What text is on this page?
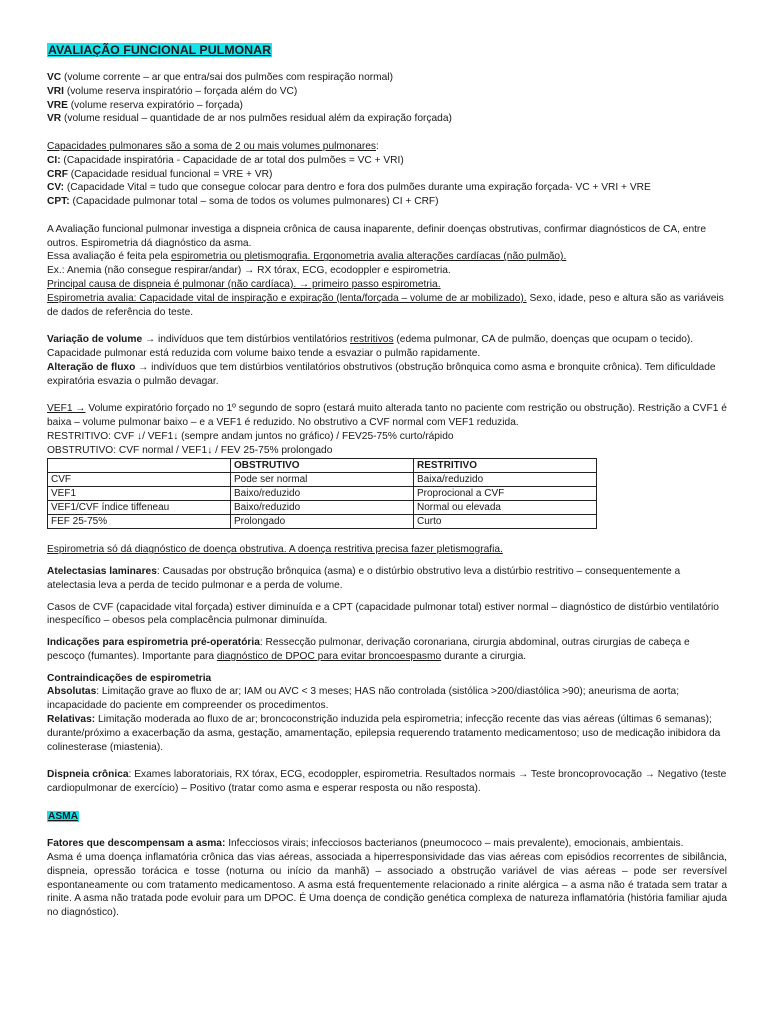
AVALIAÇÃO FUNCIONAL PULMONAR

VC (volume corrente – ar que entra/sai dos pulmões com respiração normal)

VRI (volume reserva inspiratório – forçada além do VC)

VRE (volume reserva expiratório – forçada)

VR (volume residual – quantidade de ar nos pulmões residual além da expiração forçada)

Capacidades pulmonares são a soma de 2 ou mais volumes pulmonares:

CI: (Capacidade inspiratória - Capacidade de ar total dos pulmões = VC + VRI)

CRF (Capacidade residual funcional = VRE + VR)

CV: (Capacidade Vital = tudo que consegue colocar para dentro e fora dos pulmões durante uma expiração forçada- VC + VRI + VRE

CPT: (Capacidade pulmonar total – soma de todos os volumes pulmonares) CI + CRF)

A Avaliação funcional pulmonar investiga a dispneia crônica de causa inaparente, definir doenças obstrutivas, confirmar diagnósticos de CA, entre outros. Espirometria dá diagnóstico da asma.

Essa avaliação é feita pela espirometria ou pletismografia. Ergonometria avalia alterações cardíacas (não pulmão).

Ex.: Anemia (não consegue respirar/andar) → RX tórax, ECG, ecodoppler e espirometria.

Principal causa de dispneia é pulmonar (não cardíaca). → primeiro passo espirometria.

Espirometria avalia: Capacidade vital de inspiração e expiração (lenta/forçada – volume de ar mobilizado). Sexo, idade, peso e altura são as variáveis de dados de referência do teste.

Variação de volume → indivíduos que tem distúrbios ventilatórios restritivos (edema pulmonar, CA de pulmão, doenças que ocupam o tecido). Capacidade pulmonar está reduzida com volume baixo tende a esvaziar o pulmão rapidamente.

Alteração de fluxo → indivíduos que tem distúrbios ventilatórios obstrutivos (obstrução brônquica como asma e bronquite crônica). Tem dificuldade expiratória esvazia o pulmão devagar.

VEF1 → Volume expiratório forçado no 1º segundo de sopro (estará muito alterada tanto no paciente com restrição ou obstrução). Restrição a CVF1 é baixa – volume pulmonar baixo – e a VEF1 é reduzido. No obstrutivo a CVF normal com VEF1 reduzida.

RESTRITIVO: CVF ↓/ VEF1↓ (sempre andam juntos no gráfico) / FEV25-75% curto/rápido

OBSTRUTIVO: CVF normal / VEF1↓ / FEV 25-75% prolongado

	OBSTRUTIVO	RESTRITIVO
CVF	Pode ser normal	Baixa/reduzido
VEF1	Baixo/reduzido	Proprocional a CVF
VEF1/CVF índice tiffeneau	Baixo/reduzido	Normal ou elevada
FEF 25-75%	Prolongado	Curto

Espirometria só dá diagnóstico de doença obstrutiva. A doença restritiva precisa fazer pletismografia.

Atelectasias laminares: Causadas por obstrução brônquica (asma) e o distúrbio obstrutivo leva a distúrbio restritivo – consequentemente a atelectasia leva a perda de tecido pulmonar e a perda de volume.

Casos de CVF (capacidade vital forçada) estiver diminuída e a CPT (capacidade pulmonar total) estiver normal – diagnóstico de distúrbio ventilatório inespecífico – obesos pela complacência pulmonar diminuída.

Indicações para espirometria pré-operatória: Ressecção pulmonar, derivação coronariana, cirurgia abdominal, outras cirurgias de cabeça e pescoço (fumantes). Importante para diagnóstico de DPOC para evitar broncoespasmo durante a cirurgia.

Contraindicações de espirometria

Absolutas: Limitação grave ao fluxo de ar; IAM ou AVC < 3 meses; HAS não controlada (sistólica >200/diastólica >90); aneurisma de aorta; incapacidade do paciente em compreender os procedimentos.

Relativas: Limitação moderada ao fluxo de ar; broncoconstrição induzida pela espirometria; infecção recente das vias aéreas (últimas 6 semanas); durante/próximo a exacerbação da asma, gestação, amamentação, epilepsia requerendo tratamento medicamentoso; uso de medicação inibidora da colinesterase (miastenia).

Dispneia crônica: Exames laboratoriais, RX tórax, ECG, ecodoppler, espirometria. Resultados normais → Teste broncoprovocação → Negativo (teste cardiopulmonar de exercício) – Positivo (tratar como asma e esperar resposta ou não resposta).

ASMA

Fatores que descompensam a asma: Infecciosos virais; infecciosos bacterianos (pneumococo – mais prevalente), emocionais, ambientais.

Asma é uma doença inflamatória crônica das vias aéreas, associada a hiperresponsividade das vias aéreas com episódios recorrentes de sibilância, dispneia, opressão torácica e tosse (noturna ou início da manhã) – associado a obstrução variável de vias aéreas – pode ser reversível espontaneamente ou com tratamento medicamentoso. A asma está frequentemente relacionado a rinite alérgica – a asma não é tratada sem tratar a rinite. A asma não tratada pode evoluir para um DPOC. É Uma doença de condição genética complexa de natureza inflamatória (história familiar ajuda no diagnóstico).
